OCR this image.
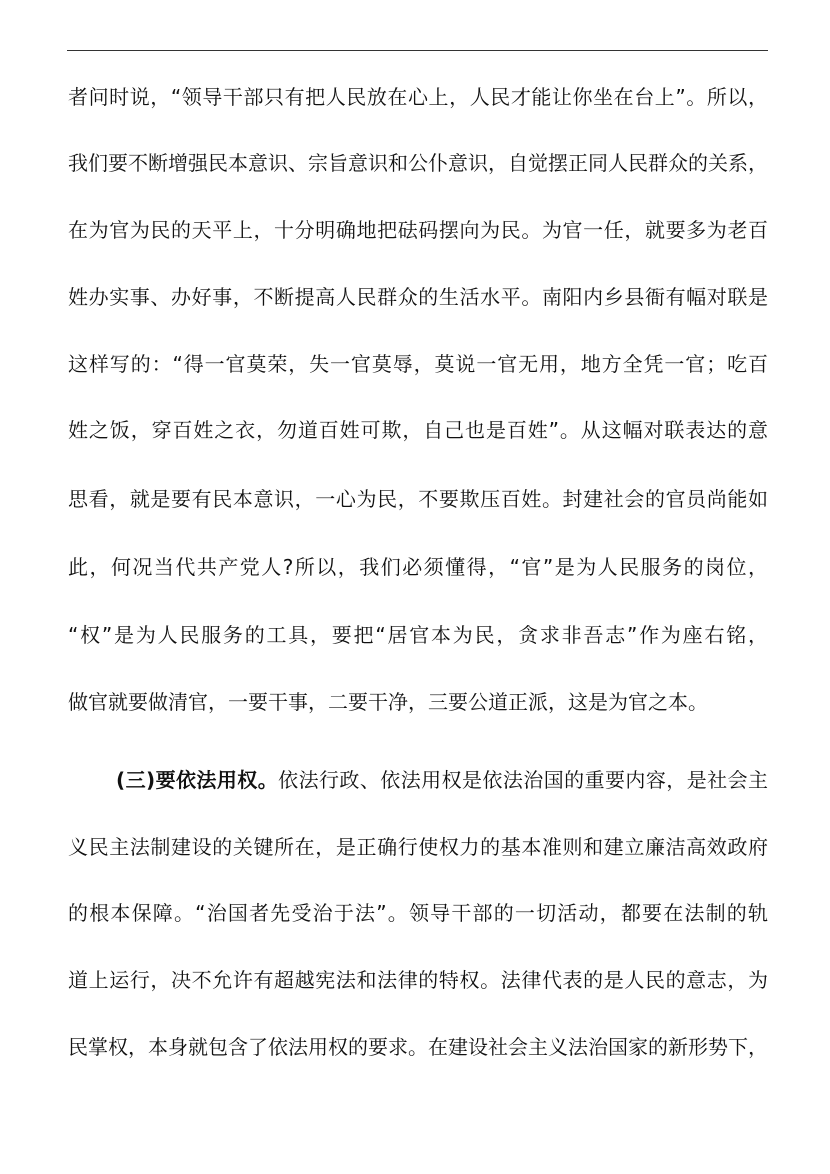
者问时说，“领导干部只有把人民放在心上，人民才能让你坐在台上”。所以，
我们要不断增强民本意识、宗旨意识和公仆意识，自觉摆正同人民群众的关系，
在为官为民的天平上，十分明确地把砝码摆向为民。为官一任，就要多为老百
姓办实事、办好事，不断提高人民群众的生活水平。南阳内乡县衙有幅对联是
这样写的：“得一官莫荣，失一官莫辱，莫说一官无用，地方全凭一官；吃百
姓之饭，穿百姓之衣，勿道百姓可欺，自己也是百姓”。从这幅对联表达的意
思看，就是要有民本意识，一心为民，不要欺压百姓。封建社会的官员尚能如
此，何况当代共产党人?所以，我们必须懂得，“官”是为人民服务的岗位，
“权”是为人民服务的工具，要把“居官本为民，贪求非吾志”作为座右铭，
做官就要做清官，一要干事，二要干净，三要公道正派，这是为官之本。
(三)要依法用权。依法行政、依法用权是依法治国的重要内容，是社会主
义民主法制建设的关键所在，是正确行使权力的基本准则和建立廉洁高效政府
的根本保障。“治国者先受治于法”。领导干部的一切活动，都要在法制的轨
道上运行，决不允许有超越宪法和法律的特权。法律代表的是人民的意志，为
民掌权，本身就包含了依法用权的要求。在建设社会主义法治国家的新形势下，
